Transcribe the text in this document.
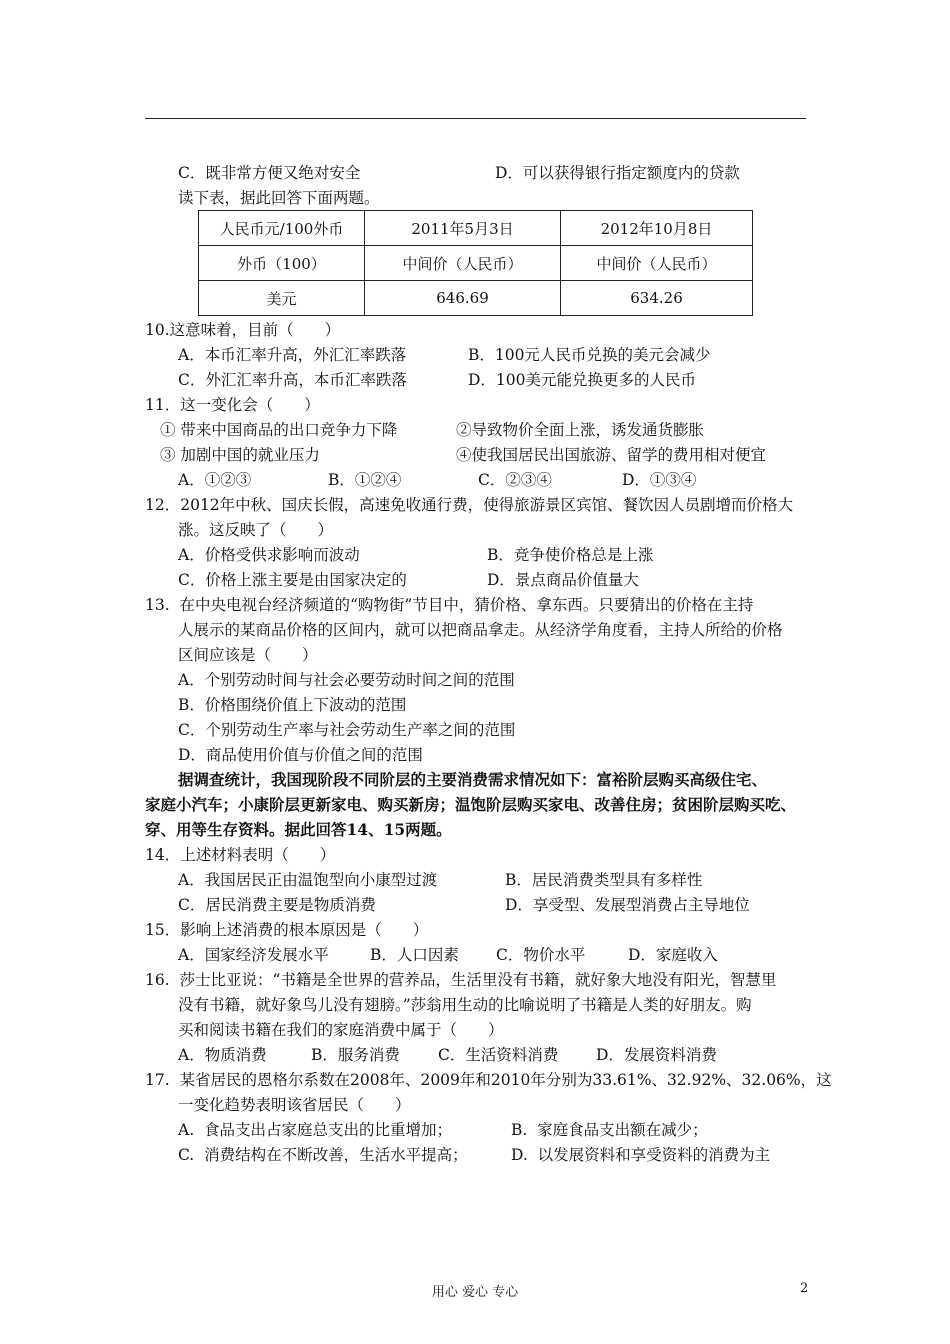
C．既非常方便又绝对安全	D．可以获得银行指定额度内的贷款
读下表，据此回答下面两题。
人民币元/100外币	2011年5月3日	2012年10月8日
外币（100）	中间价（人民币）	中间价（人民币）
美元	646.69	634.26
10.这意味着，目前（　　）
A．本币汇率升高，外汇汇率跌落	B．100元人民币兑换的美元会减少
C．外汇汇率升高，本币汇率跌落	D．100美元能兑换更多的人民币
11．这一变化会（　　）
① 带来中国商品的出口竞争力下降	②导致物价全面上涨，诱发通货膨胀
③ 加剧中国的就业压力	④使我国居民出国旅游、留学的费用相对便宜
A．①②③	B．①②④	C．②③④	D．①③④
12．2012年中秋、国庆长假，高速免收通行费，使得旅游景区宾馆、餐饮因人员剧增而价格大
涨。这反映了（　　）
A．价格受供求影响而波动	B．竞争使价格总是上涨
C．价格上涨主要是由国家决定的	D．景点商品价值量大
13.  在中央电视台经济频道的“购物街”节目中，猜价格、拿东西。只要猜出的价格在主持
人展示的某商品价格的区间内，就可以把商品拿走。从经济学角度看，主持人所给的价格
区间应该是（　　）
A．个别劳动时间与社会必要劳动时间之间的范围
B．价格围绕价值上下波动的范围
C．个别劳动生产率与社会劳动生产率之间的范围
D．商品使用价值与价值之间的范围
据调查统计，我国现阶段不同阶层的主要消费需求情况如下：富裕阶层购买高级住宅、
家庭小汽车；小康阶层更新家电、购买新房；温饱阶层购买家电、改善住房；贫困阶层购买吃、
穿、用等生存资料。据此回答14、15两题。
14．上述材料表明（　　）
A．我国居民正由温饱型向小康型过渡	B．居民消费类型具有多样性
C．居民消费主要是物质消费	D．享受型、发展型消费占主导地位
15．影响上述消费的根本原因是（　　）
A．国家经济发展水平	B．人口因素 C．物价水平	D．家庭收入
16.  莎士比亚说：“书籍是全世界的营养品，生活里没有书籍，就好象大地没有阳光，智慧里
没有书籍，就好象鸟儿没有翅膀。”莎翁用生动的比喻说明了书籍是人类的好朋友。购
买和阅读书籍在我们的家庭消费中属于（　　）
A．物质消费	B．服务消费 C．生活资料消费 D．发展资料消费
17.  某省居民的恩格尔系数在2008年、2009年和2010年分别为33.61%、32.92%、32.06%，这
一变化趋势表明该省居民（　　）
A.  食品支出占家庭总支出的比重增加；	B.  家庭食品支出额在减少；
C.  消费结构在不断改善，生活水平提高；	D.  以发展资料和享受资料的消费为主
用心 爱心 专心	2
